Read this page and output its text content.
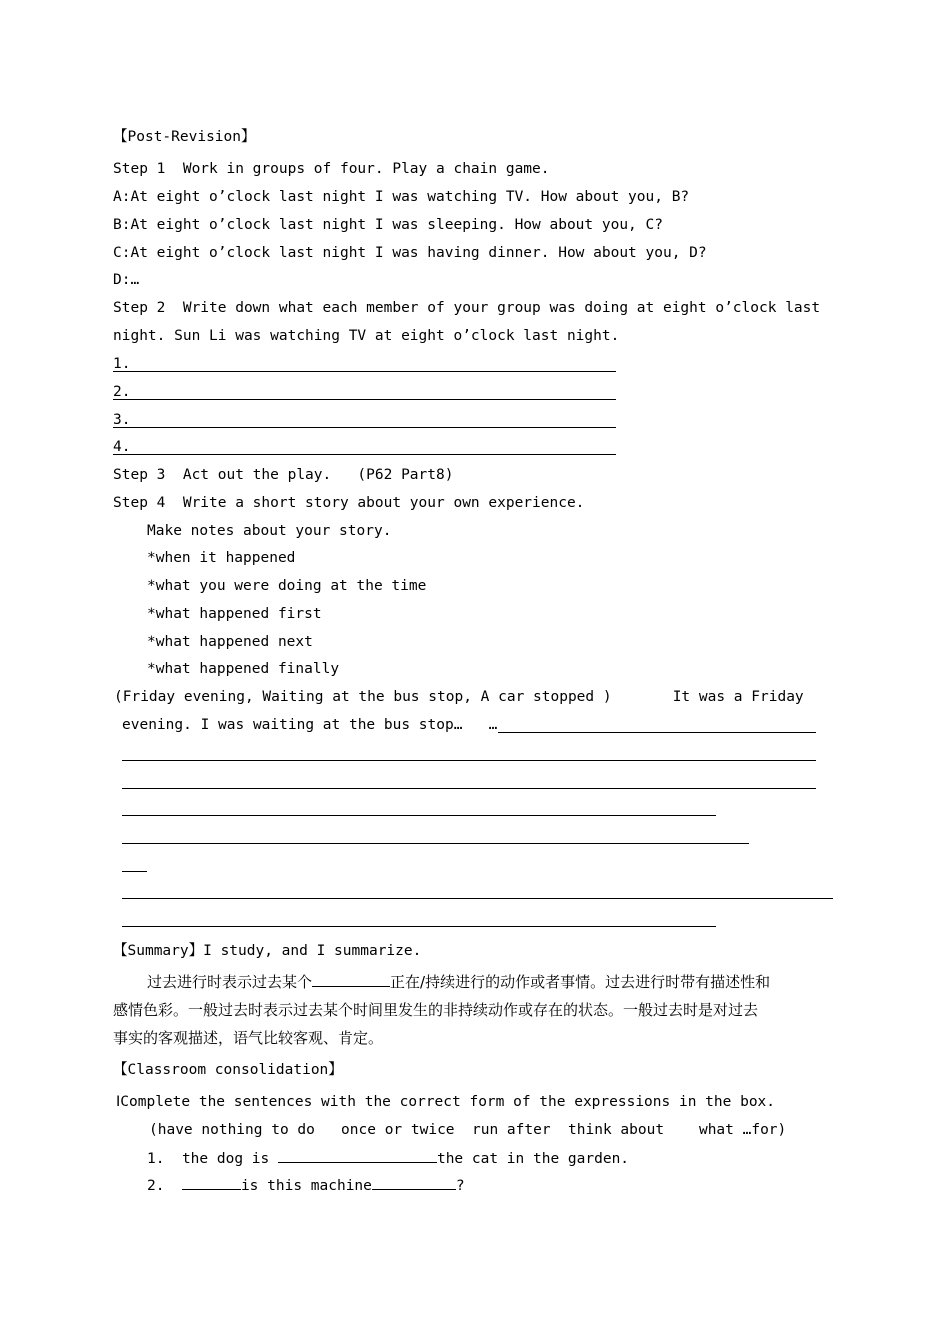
【Post-Revision】
Step 1  Work in groups of four. Play a chain game.
A:At eight o’clock last night I was watching TV. How about you, B?
B:At eight o’clock last night I was sleeping. How about you, C?
C:At eight o’clock last night I was having dinner. How about you, D?
D:…
Step 2  Write down what each member of your group was doing at eight o’clock last
night. Sun Li was watching TV at eight o’clock last night.
1.
2.
3.
4.
Step 3  Act out the play.   (P62 Part8)
Step 4  Write a short story about your own experience.
Make notes about your story.
*when it happened
*what you were doing at the time
*what happened first
*what happened next
*what happened finally
(Friday evening, Waiting at the bus stop, A car stopped )       It was a Friday
evening. I was waiting at the bus stop…   …
【Summary】I study, and I summarize.
过去进行时表示过去某个	正在/持续进行的动作或者事情。过去进行时带有描述性和
感情色彩。一般过去时表示过去某个时间里发生的非持续动作或存在的状态。一般过去时是对过去
事实的客观描述，语气比较客观、肯定。
【Classroom consolidation】
ⅠComplete the sentences with the correct form of the expressions in the box.
(have nothing to do   once or twice  run after  think about    what …for)
1. the dog is	the cat in the garden.
2.	is this machine	?
